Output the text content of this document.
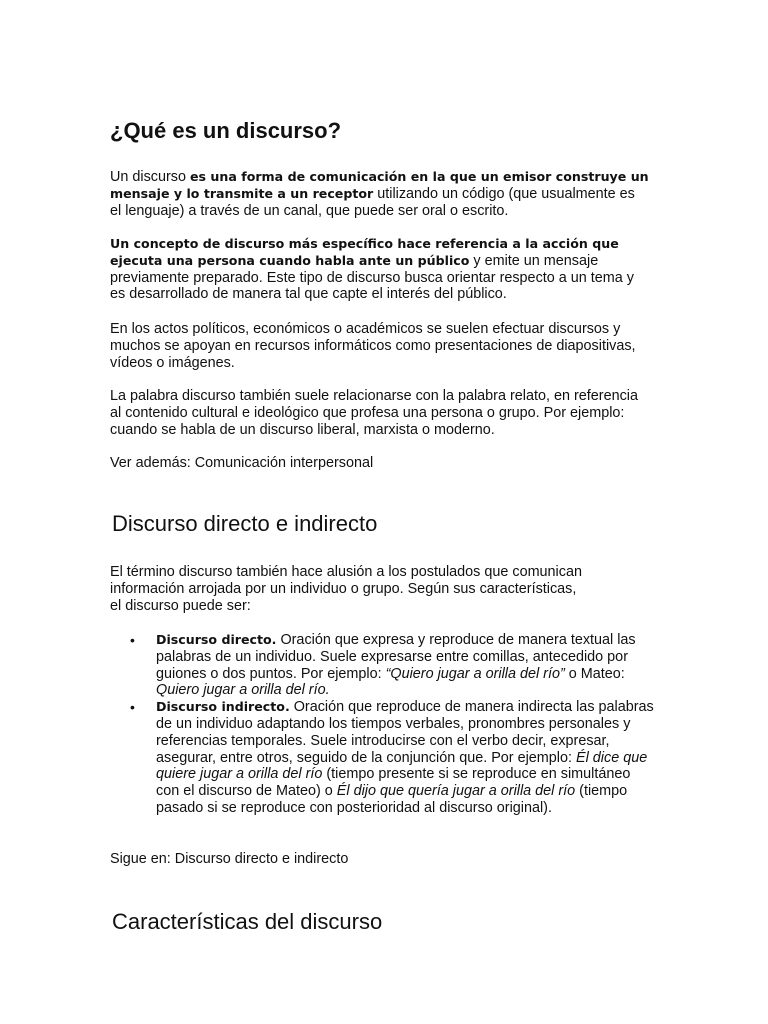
¿Qué es un discurso?

Un discurso es una forma de comunicación en la que un emisor construye un mensaje y lo transmite a un receptor utilizando un código (que usualmente es el lenguaje) a través de un canal, que puede ser oral o escrito.

Un concepto de discurso más específico hace referencia a la acción que ejecuta una persona cuando habla ante un público y emite un mensaje previamente preparado. Este tipo de discurso busca orientar respecto a un tema y es desarrollado de manera tal que capte el interés del público.

En los actos políticos, económicos o académicos se suelen efectuar discursos y muchos se apoyan en recursos informáticos como presentaciones de diapositivas, vídeos o imágenes.

La palabra discurso también suele relacionarse con la palabra relato, en referencia al contenido cultural e ideológico que profesa una persona o grupo. Por ejemplo: cuando se habla de un discurso liberal, marxista o moderno.

Ver además: Comunicación interpersonal

Discurso directo e indirecto

El término discurso también hace alusión a los postulados que comunican información arrojada por un individuo o grupo. Según sus características, el discurso puede ser:

• Discurso directo. Oración que expresa y reproduce de manera textual las palabras de un individuo. Suele expresarse entre comillas, antecedido por guiones o dos puntos. Por ejemplo: “Quiero jugar a orilla del río” o Mateo: Quiero jugar a orilla del río.
• Discurso indirecto. Oración que reproduce de manera indirecta las palabras de un individuo adaptando los tiempos verbales, pronombres personales y referencias temporales. Suele introducirse con el verbo decir, expresar, asegurar, entre otros, seguido de la conjunción que. Por ejemplo: Él dice que quiere jugar a orilla del río (tiempo presente si se reproduce en simultáneo con el discurso de Mateo) o Él dijo que quería jugar a orilla del río (tiempo pasado si se reproduce con posterioridad al discurso original).

Sigue en: Discurso directo e indirecto

Características del discurso
